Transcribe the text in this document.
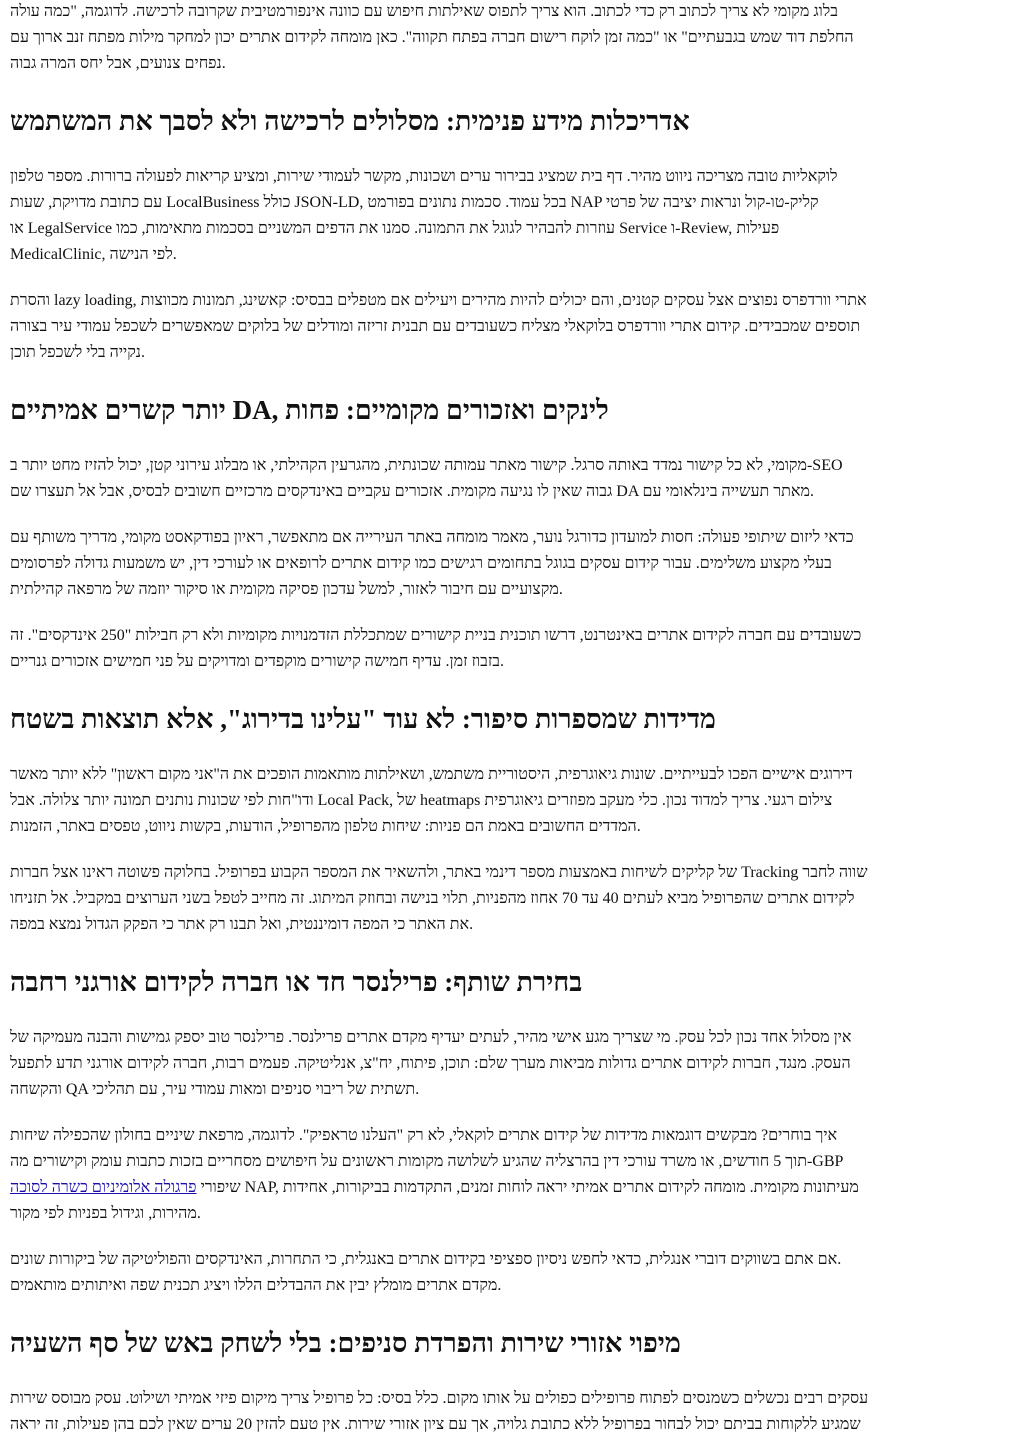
בלוג מקומי לא צריך לכתוב רק כדי לכתוב. הוא צריך לתפוס שאילתות חיפוש עם כוונה אינפורמטיבית שקרובה לרכישה. לדוגמה, "כמה עולה
החלפת דוד שמש בגבעתיים" או "כמה זמן לוקח רישום חברה בפתח תקווה". כאן מומחה לקידום אתרים יכון למחקר מילות מפתח זנב ארוך עם
נפחים צנועים, אבל יחס המרה גבוה.
אדריכלות מידע פנימית: מסלולים לרכישה ולא לסבך את המשתמש
לוקאליות טובה מצריכה ניווט מהיר. דף בית שמציג בבירור ערים ושכונות, מקשר לעמודי שירות, ומציע קריאות לפעולה ברורות. מספר טלפון
עם כתובת מדויקת, שעות LocalBusiness כולל JSON-LD, בכל עמוד. סכמות נתונים בפורמט NAP קליק-טו-קול ונראות יציבה של פרטי
או LegalService עוזרות להבהיר לגוגל את התמונה. סמנו את הדפים המשניים בסכמות מתאימות, כמו Service ו-Review, פעילות
MedicalClinic, לפי הנישה.
והסרת lazy loading, אתרי וורדפרס נפוצים אצל עסקים קטנים, והם יכולים להיות מהירים ויעילים אם מטפלים בבסיס: קאשינג, תמונות מכווצות
תוספים שמכבידים. קידום אתרי וורדפרס בלוקאלי מצליח כשעובדים עם תבנית זריזה ומודלים של בלוקים שמאפשרים לשכפל עמודי עיר בצורה
נקייה בלי לשכפל תוכן.
יותר קשרים אמיתיים DA, לינקים ואזכורים מקומיים: פחות
מקומי, לא כל קישור נמדד באותה סרגל. קישור מאתר עמותה שכונתית, מהגרעין הקהילתי, או מבלוג עירוני קטן, יכול להזיז מחט יותר ב-SEO
גבוה שאין לו נגיעה מקומית. אזכורים עקביים באינדקסים מרכזיים חשובים לבסיס, אבל אל תעצרו שם DA מאתר תעשייה בינלאומי עם.
כדאי ליזום שיתופי פעולה: חסות למועדון כדורגל נוער, מאמר מומחה באתר העירייה אם מתאפשר, ראיון בפודקאסט מקומי, מדריך משותף עם
בעלי מקצוע משלימים. עבור קידום עסקים בגוגל בתחומים רגישים כמו קידום אתרים לרופאים או לעורכי דין, יש משמעות גדולה לפרסומים
מקצועיים עם חיבור לאזור, למשל עדכון פסיקה מקומית או סיקור יוזמה של מרפאה קהילתית.
כשעובדים עם חברה לקידום אתרים באינטרנט, דרשו תוכנית בניית קישורים שמתכללת הזדמנויות מקומיות ולא רק חבילות "250 אינדקסים". זה
בזבוז זמן. עדיף חמישה קישורים מוקפדים ומדויקים על פני חמישים אזכורים גנריים.
מדידות שמספרות סיפור: לא עוד "עלינו בדירוג", אלא תוצאות בשטח
דירוגים אישיים הפכו לבעייתיים. שונות גיאוגרפית, היסטוריית משתמש, ושאילתות מותאמות הופכים את ה"אני מקום ראשון" ללא יותר מאשר
ודו"חות לפי שכונות נותנים תמונה יותר צלולה. אבל Local Pack, של heatmaps צילום רגעי. צריך למדוד נכון. כלי מעקב מפוזרים גיאוגרפית
המדדים החשובים באמת הם פניות: שיחות טלפון מהפרופיל, הודעות, בקשות ניווט, טפסים באתר, הזמנות.
של קליקים לשיחות באמצעות מספר דינמי באתר, ולהשאיר את המספר הקבוע בפרופיל. בחלוקה פשוטה ראינו אצל חברות Tracking שווה לחבר
לקידום אתרים שהפרופיל מביא לעתים 40 עד 70 אחוז מהפניות, תלוי בנישה ובחוזק המיתוג. זה מחייב לטפל בשני הערוצים במקביל. אל תזניחו
את האתר כי המפה דומיננטית, ואל תבנו רק אתר כי הפקק הגדול נמצא במפה.
בחירת שותף: פרילנסר חד או חברה לקידום אורגני רחבה
אין מסלול אחד נכון לכל עסק. מי שצריך מגע אישי מהיר, לעתים יעדיף מקדם אתרים פרילנסר. פרילנסר טוב יספק גמישות והבנה מעמיקה של
העסק. מנגד, חברות לקידום אתרים גדולות מביאות מערך שלם: תוכן, פיתוח, יח"צ, אנליטיקה. פעמים רבות, חברה לקידום אורגני תדע לתפעל
והקשחה QA תשתית של ריבוי סניפים ומאות עמודי עיר, עם תהליכי.
איך בוחרים? מבקשים דוגמאות מדידות של קידום אתרים לוקאלי, לא רק "העלנו טראפיק". לדוגמה, מרפאת שיניים בחולון שהכפילה שיחות
תוך 5 חודשים, או משרד עורכי דין בהרצליה שהגיע לשלושה מקומות ראשונים על חיפושים מסחריים בזכות כתבות עומק וקישורים מה-GBP
שיפורי פרגולה אלומיניום כשרה לסוכה	NAP, מעיתונות מקומית. מומחה לקידום אתרים אמיתי יראה לוחות זמנים, התקדמות בביקורות, אחידות
מהירות, וגידול בפניות לפי מקור.
אם אתם בשווקים דוברי אנגלית, כדאי לחפש ניסיון ספציפי בקידום אתרים באנגלית, כי התחרות, האינדקסים והפוליטיקה של ביקורות שונים.
מקדם אתרים מומלץ יבין את ההבדלים הללו ויציג תכנית שפה ואיתותים מותאמים.
מיפוי אזורי שירות והפרדת סניפים: בלי לשחק באש של סף השעיה
עסקים רבים נכשלים כשמנסים לפתוח פרופילים כפולים על אותו מקום. כלל בסיס: כל פרופיל צריך מיקום פיזי אמיתי ושילוט. עסק מבוסס שירות
שמגיע ללקוחות בביתם יכול לבחור בפרופיל ללא כתובת גלויה, אך עם ציון אזורי שירות. אין טעם להזין 20 ערים שאין לכם בהן פעילות, זה יראה
